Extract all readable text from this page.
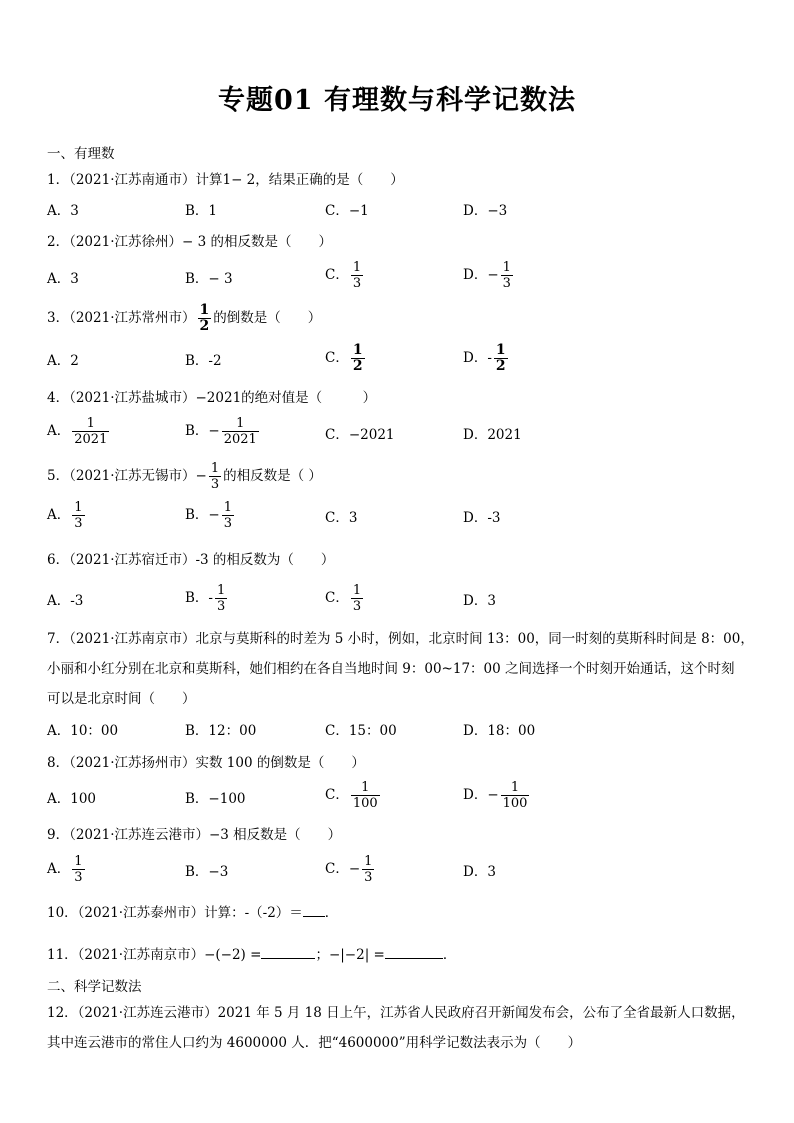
专题01 有理数与科学记数法
一、有理数
1．（2021·江苏南通市）计算1− 2，结果正确的是（　　）
A．3	B．1	C．−1	D．−3
2．（2021·江苏徐州）− 3 的相反数是（　　）
A．3	B．− 3	C． $\frac{1}{3}$	D．− $\frac{1}{3}$
3．（2021·江苏常州市） $\frac{1}{2}$ 的倒数是（　　）
A．2	B．-2	C． $\frac{1}{2}$	D．- $\frac{1}{2}$
4．（2021·江苏盐城市）−2021的绝对值是（　　　）
A． $\frac{1}{2021}$	B．− $\frac{1}{2021}$	C．−2021	D．2021
5．（2021·江苏无锡市）− $\frac{1}{3}$ 的相反数是（ ）
A． $\frac{1}{3}$	B．− $\frac{1}{3}$	C．3	D．-3
6．（2021·江苏宿迁市）-3 的相反数为（　　）
A．-3	B．- $\frac{1}{3}$	C． $\frac{1}{3}$	D．3
7．（2021·江苏南京市）北京与莫斯科的时差为 5 小时，例如，北京时间 13：00，同一时刻的莫斯科时间是 8：00，
小丽和小红分别在北京和莫斯科，她们相约在各自当地时间 9：00~17：00 之间选择一个时刻开始通话，这个时刻
可以是北京时间（　　）
A．10：00	B．12：00	C．15：00	D．18：00
8．（2021·江苏扬州市）实数 100 的倒数是（　　）
A．100	B．−100	C． $\frac{1}{100}$	D．− $\frac{1}{100}$
9．（2021·江苏连云港市）−3 相反数是（　　）
A． $\frac{1}{3}$	B．−3	C．− $\frac{1}{3}$	D．3
10．（2021·江苏泰州市）计算：-（-2）＝ ．
11．（2021·江苏南京市）−(−2) =	；−|−2| =	．
二、科学记数法
12．（2021·江苏连云港市）2021 年 5 月 18 日上午，江苏省人民政府召开新闻发布会，公布了全省最新人口数据，
其中连云港市的常住人口约为 4600000 人．把“4600000”用科学记数法表示为（　　）
